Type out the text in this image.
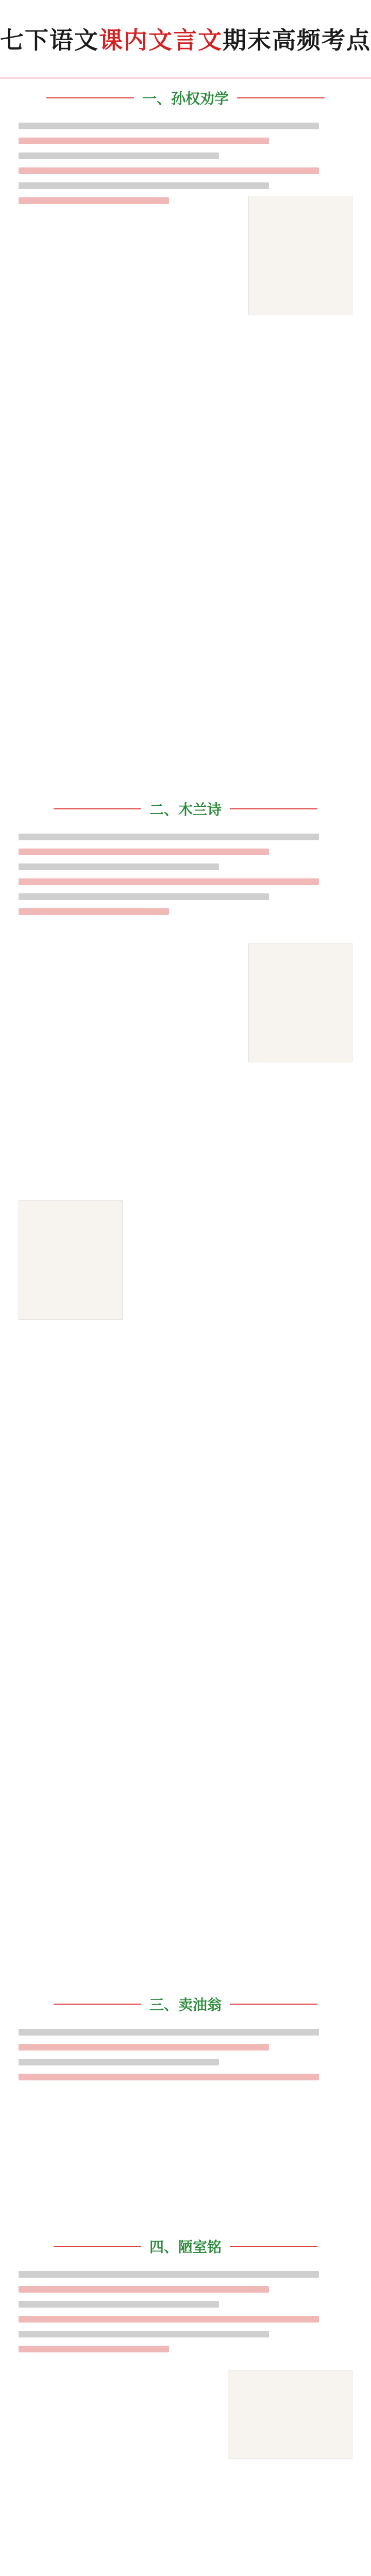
七下语文课内文言文期末高频考点
一、孙权劝学
二、木兰诗
三、卖油翁
四、陋室铭
